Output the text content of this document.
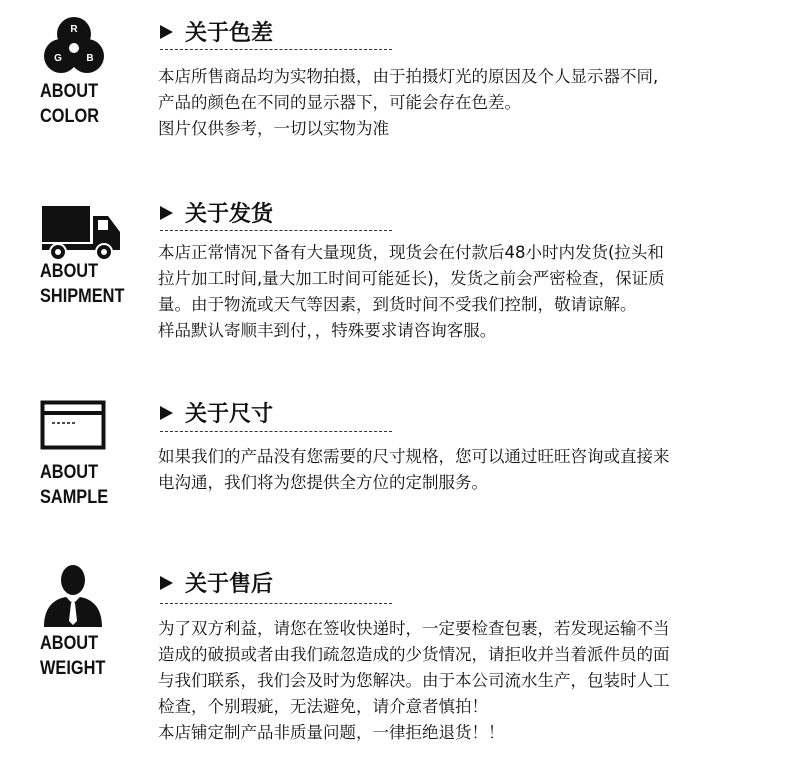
R
G B
ABOUT
COLOR
关于色差

本店所售商品均为实物拍摄，由于拍摄灯光的原因及个人显示器不同,

产品的颜色在不同的显示器下，可能会存在色差。

图片仅供参考，一切以实物为准

ABOUT
SHIPMENT
关于发货

本店正常情况下备有大量现货，现货会在付款后48小时内发货(拉头和

拉片加工时间,量大加工时间可能延长)，发货之前会严密检查，保证质

量。由于物流或天气等因素，到货时间不受我们控制，敬请谅解。

样品默认寄顺丰到付，，特殊要求请咨询客服。

ABOUT
SAMPLE
关于尺寸

如果我们的产品没有您需要的尺寸规格，您可以通过旺旺咨询或直接来

电沟通，我们将为您提供全方位的定制服务。

ABOUT
WEIGHT
关于售后

为了双方利益，请您在签收快递时，一定要检查包裹，若发现运输不当

造成的破损或者由我们疏忽造成的少货情况，请拒收并当着派件员的面

与我们联系，我们会及时为您解决。由于本公司流水生产，包装时人工

检查，个别瑕疵，无法避免，请介意者慎拍！

本店铺定制产品非质量问题，一律拒绝退货！！
